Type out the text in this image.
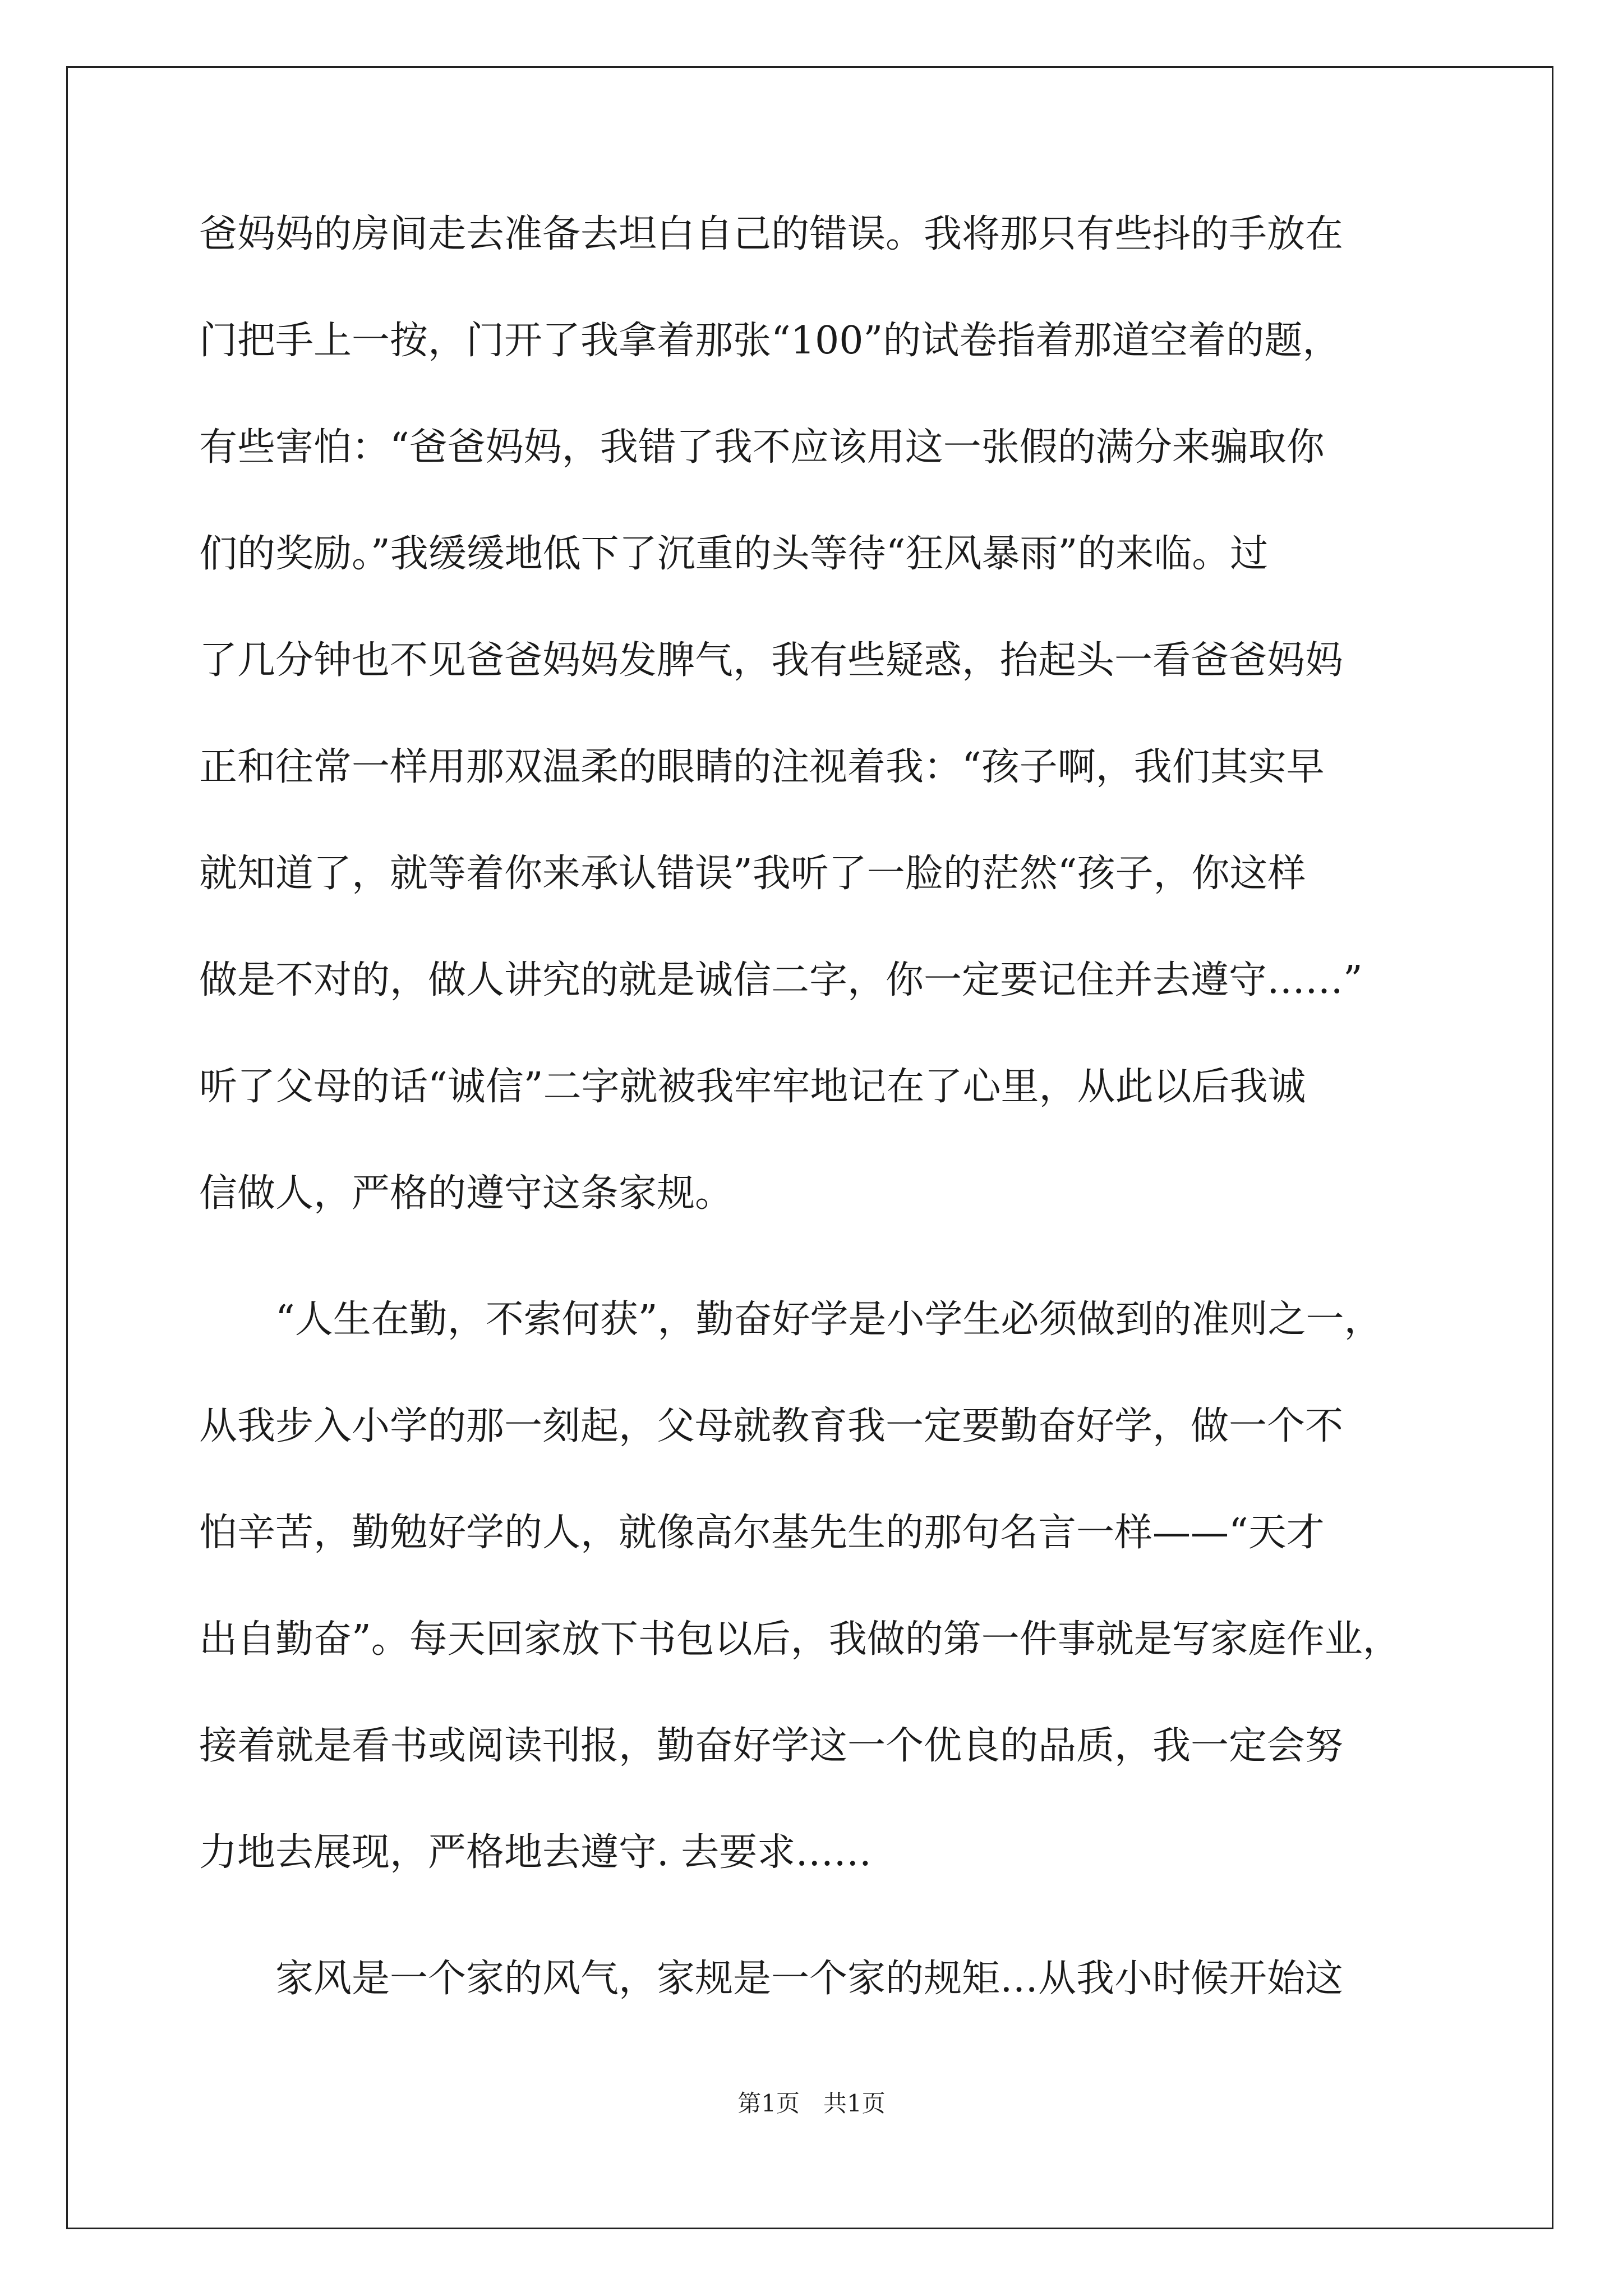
爸妈妈的房间走去准备去坦白自己的错误。我将那只有些抖的手放在
门把手上一按，门开了我拿着那张“100”的试卷指着那道空着的题，
有些害怕：“爸爸妈妈，我错了我不应该用这一张假的满分来骗取你
们的奖励。”我缓缓地低下了沉重的头等待“狂风暴雨”的来临。过
了几分钟也不见爸爸妈妈发脾气，我有些疑惑，抬起头一看爸爸妈妈
正和往常一样用那双温柔的眼睛的注视着我：“孩子啊，我们其实早
就知道了，就等着你来承认错误”我听了一脸的茫然“孩子，你这样
做是不对的，做人讲究的就是诚信二字，你一定要记住并去遵守……”
听了父母的话“诚信”二字就被我牢牢地记在了心里，从此以后我诚
信做人，严格的遵守这条家规。
　　“人生在勤，不索何获”，勤奋好学是小学生必须做到的准则之一，
从我步入小学的那一刻起，父母就教育我一定要勤奋好学，做一个不
怕辛苦，勤勉好学的人，就像高尔基先生的那句名言一样——“天才
出自勤奋”。每天回家放下书包以后，我做的第一件事就是写家庭作业，
接着就是看书或阅读刊报，勤奋好学这一个优良的品质，我一定会努
力地去展现，严格地去遵守. 去要求……
　　家风是一个家的风气，家规是一个家的规矩…从我小时候开始这
第1页　共1页
